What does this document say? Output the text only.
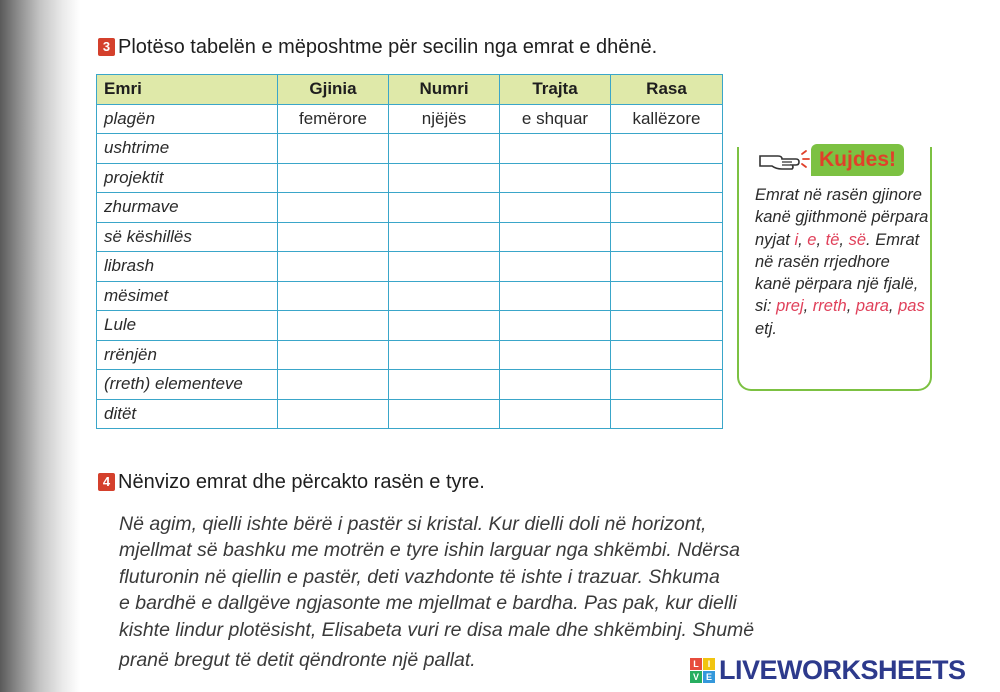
3 Plotëso tabelën e mëposhtme për secilin nga emrat e dhënë.
Emri	Gjinia	Numri	Trajta	Rasa
plagën	femërore	njëjës	e shquar	kallëzore
ushtrime				
projektit				
zhurmave				
së këshillës				
librash				
mësimet				
Lule				
rrënjën				
(rreth) elementeve				
ditët				
Kujdes!
Emrat në rasën gjinore kanë gjithmonë përpara nyjat i, e, të, së. Emrat në rasën rrjedhore kanë përpara një fjalë, si: prej, rreth, para, pas etj.
4 Nënvizo emrat dhe përcakto rasën e tyre.
Në agim, qielli ishte bërë i pastër si kristal. Kur dielli doli në horizont,
mjellmat së bashku me motrën e tyre ishin larguar nga shkëmbi. Ndërsa
fluturonin në qiellin e pastër, deti vazhdonte të ishte i trazuar. Shkuma
e bardhë e dallgëve ngjasonte me mjellmat e bardha. Pas pak, kur dielli
kishte lindur plotësisht, Elisabeta vuri re disa male dhe shkëmbinj. Shumë
pranë bregut të detit qëndronte një pallat.	L I
V E LIVEWORKSHEETS
